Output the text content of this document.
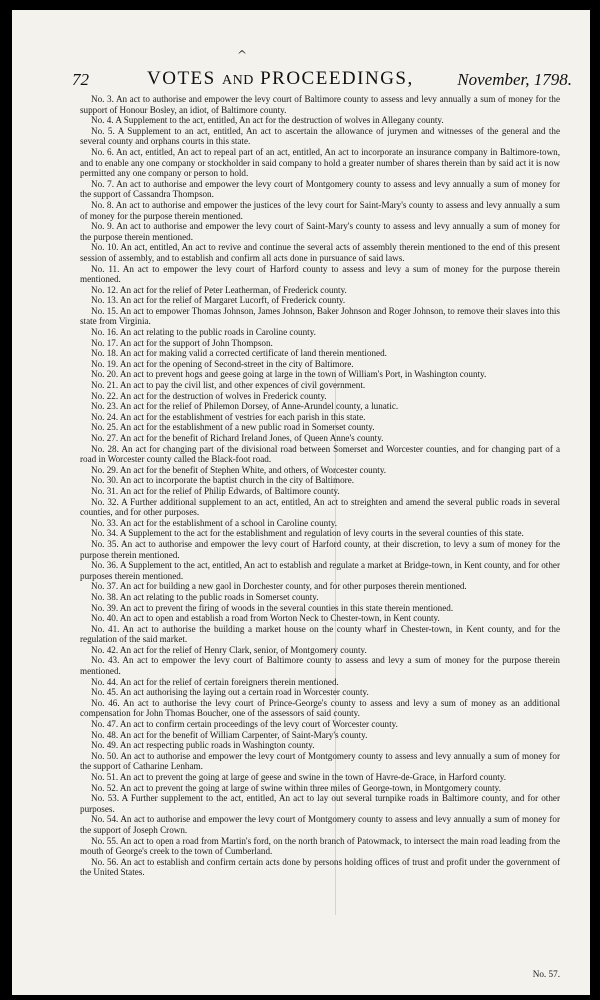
^
72	VOTES AND PROCEEDINGS,	November, 1798.

No. 3. An act to authorise and empower the levy court of Baltimore county to assess and levy annually a sum of money for the support of Honour Bosley, an idiot, of Baltimore county.

No. 4. A Supplement to the act, entitled, An act for the destruction of wolves in Allegany county.

No. 5. A Supplement to an act, entitled, An act to ascertain the allowance of jurymen and witnesses of the general and the several county and orphans courts in this state.

No. 6. An act, entitled, An act to repeal part of an act, entitled, An act to incorporate an insurance company in Baltimore-town, and to enable any one company or stockholder in said company to hold a greater number of shares therein than by said act it is now permitted any one company or person to hold.

No. 7. An act to authorise and empower the levy court of Montgomery county to assess and levy annually a sum of money for the support of Cassandra Thompson.

No. 8. An act to authorise and empower the justices of the levy court for Saint-Mary's county to assess and levy annually a sum of money for the purpose therein mentioned.

No. 9. An act to authorise and empower the levy court of Saint-Mary's county to assess and levy annually a sum of money for the purpose therein mentioned.

No. 10. An act, entitled, An act to revive and continue the several acts of assembly therein mentioned to the end of this present session of assembly, and to establish and confirm all acts done in pursuance of said laws.

No. 11. An act to empower the levy court of Harford county to assess and levy a sum of money for the purpose therein mentioned.

No. 12. An act for the relief of Peter Leatherman, of Frederick county.

No. 13. An act for the relief of Margaret Lucorft, of Frederick county.

No. 15. An act to empower Thomas Johnson, James Johnson, Baker Johnson and Roger Johnson, to remove their slaves into this state from Virginia.

No. 16. An act relating to the public roads in Caroline county.

No. 17. An act for the support of John Thompson.

No. 18. An act for making valid a corrected certificate of land therein mentioned.

No. 19. An act for the opening of Second-street in the city of Baltimore.

No. 20. An act to prevent hogs and geese going at large in the town of William's Port, in Washington county.

No. 21. An act to pay the civil list, and other expences of civil government.

No. 22. An act for the destruction of wolves in Frederick county.

No. 23. An act for the relief of Philemon Dorsey, of Anne-Arundel county, a lunatic.

No. 24. An act for the establishment of vestries for each parish in this state.

No. 25. An act for the establishment of a new public road in Somerset county.

No. 27. An act for the benefit of Richard Ireland Jones, of Queen Anne's county.

No. 28. An act for changing part of the divisional road between Somerset and Worcester counties, and for changing part of a road in Worcester county called the Black-foot road.

No. 29. An act for the benefit of Stephen White, and others, of Worcester county.

No. 30. An act to incorporate the baptist church in the city of Baltimore.

No. 31. An act for the relief of Philip Edwards, of Baltimore county.

No. 32. A Further additional supplement to an act, entitled, An act to streighten and amend the several public roads in several counties, and for other purposes.

No. 33. An act for the establishment of a school in Caroline county.

No. 34. A Supplement to the act for the establishment and regulation of levy courts in the several counties of this state.

No. 35. An act to authorise and empower the levy court of Harford county, at their discretion, to levy a sum of money for the purpose therein mentioned.

No. 36. A Supplement to the act, entitled, An act to establish and regulate a market at Bridge-town, in Kent county, and for other purposes therein mentioned.

No. 37. An act for building a new gaol in Dorchester county, and for other purposes therein mentioned.

No. 38. An act relating to the public roads in Somerset county.

No. 39. An act to prevent the firing of woods in the several counties in this state therein mentioned.

No. 40. An act to open and establish a road from Worton Neck to Chester-town, in Kent county.

No. 41. An act to authorise the building a market house on the county wharf in Chester-town, in Kent county, and for the regulation of the said market.

No. 42. An act for the relief of Henry Clark, senior, of Montgomery county.

No. 43. An act to empower the levy court of Baltimore county to assess and levy a sum of money for the purpose therein mentioned.

No. 44. An act for the relief of certain foreigners therein mentioned.

No. 45. An act authorising the laying out a certain road in Worcester county.

No. 46. An act to authorise the levy court of Prince-George's county to assess and levy a sum of money as an additional compensation for John Thomas Boucher, one of the assessors of said county.

No. 47. An act to confirm certain proceedings of the levy court of Worcester county.

No. 48. An act for the benefit of William Carpenter, of Saint-Mary's county.

No. 49. An act respecting public roads in Washington county.

No. 50. An act to authorise and empower the levy court of Montgomery county to assess and levy annually a sum of money for the support of Catharine Lenham.

No. 51. An act to prevent the going at large of geese and swine in the town of Havre-de-Grace, in Harford county.

No. 52. An act to prevent the going at large of swine within three miles of George-town, in Montgomery county.

No. 53. A Further supplement to the act, entitled, An act to lay out several turnpike roads in Baltimore county, and for other purposes.

No. 54. An act to authorise and empower the levy court of Montgomery county to assess and levy annually a sum of money for the support of Joseph Crown.

No. 55. An act to open a road from Martin's ford, on the north branch of Patowmack, to intersect the main road leading from the mouth of George's creek to the town of Cumberland.

No. 56. An act to establish and confirm certain acts done by persons holding offices of trust and profit under the government of the United States.

No. 57.
